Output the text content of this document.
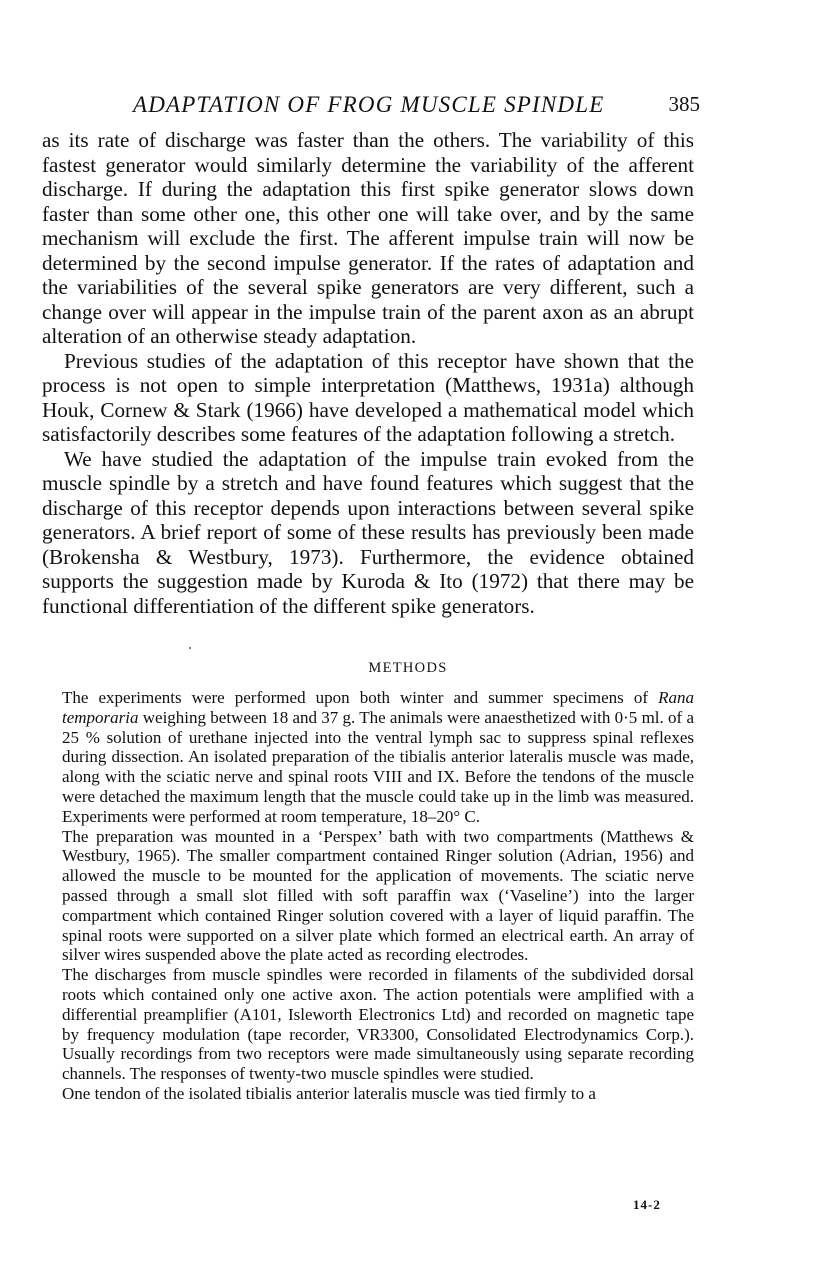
ADAPTATION OF FROG MUSCLE SPINDLE	385

as its rate of discharge was faster than the others. The variability of this fastest generator would similarly determine the variability of the afferent discharge. If during the adaptation this first spike generator slows down faster than some other one, this other one will take over, and by the same mechanism will exclude the first. The afferent impulse train will now be determined by the second impulse generator. If the rates of adaptation and the variabilities of the several spike generators are very different, such a change over will appear in the impulse train of the parent axon as an abrupt alteration of an otherwise steady adaptation.

Previous studies of the adaptation of this receptor have shown that the process is not open to simple interpretation (Matthews, 1931a) although Houk, Cornew & Stark (1966) have developed a mathematical model which satisfactorily describes some features of the adaptation following a stretch.

We have studied the adaptation of the impulse train evoked from the muscle spindle by a stretch and have found features which suggest that the discharge of this receptor depends upon interactions between several spike generators. A brief report of some of these results has previously been made (Brokensha & Westbury, 1973). Furthermore, the evidence obtained supports the suggestion made by Kuroda & Ito (1972) that there may be functional differentiation of the different spike generators.

METHODS

The experiments were performed upon both winter and summer specimens of Rana temporaria weighing between 18 and 37 g. The animals were anaesthetized with 0·5 ml. of a 25 % solution of urethane injected into the ventral lymph sac to suppress spinal reflexes during dissection. An isolated preparation of the tibialis anterior lateralis muscle was made, along with the sciatic nerve and spinal roots VIII and IX. Before the tendons of the muscle were detached the maximum length that the muscle could take up in the limb was measured. Experiments were performed at room temperature, 18–20° C.

The preparation was mounted in a ‘Perspex’ bath with two compartments (Matthews & Westbury, 1965). The smaller compartment contained Ringer solution (Adrian, 1956) and allowed the muscle to be mounted for the application of movements. The sciatic nerve passed through a small slot filled with soft paraffin wax (‘Vaseline’) into the larger compartment which contained Ringer solution covered with a layer of liquid paraffin. The spinal roots were supported on a silver plate which formed an electrical earth. An array of silver wires suspended above the plate acted as recording electrodes.

The discharges from muscle spindles were recorded in filaments of the subdivided dorsal roots which contained only one active axon. The action potentials were amplified with a differential preamplifier (A101, Isleworth Electronics Ltd) and recorded on magnetic tape by frequency modulation (tape recorder, VR3300, Consolidated Electrodynamics Corp.). Usually recordings from two receptors were made simultaneously using separate recording channels. The responses of twenty-two muscle spindles were studied.

One tendon of the isolated tibialis anterior lateralis muscle was tied firmly to a

14-2
